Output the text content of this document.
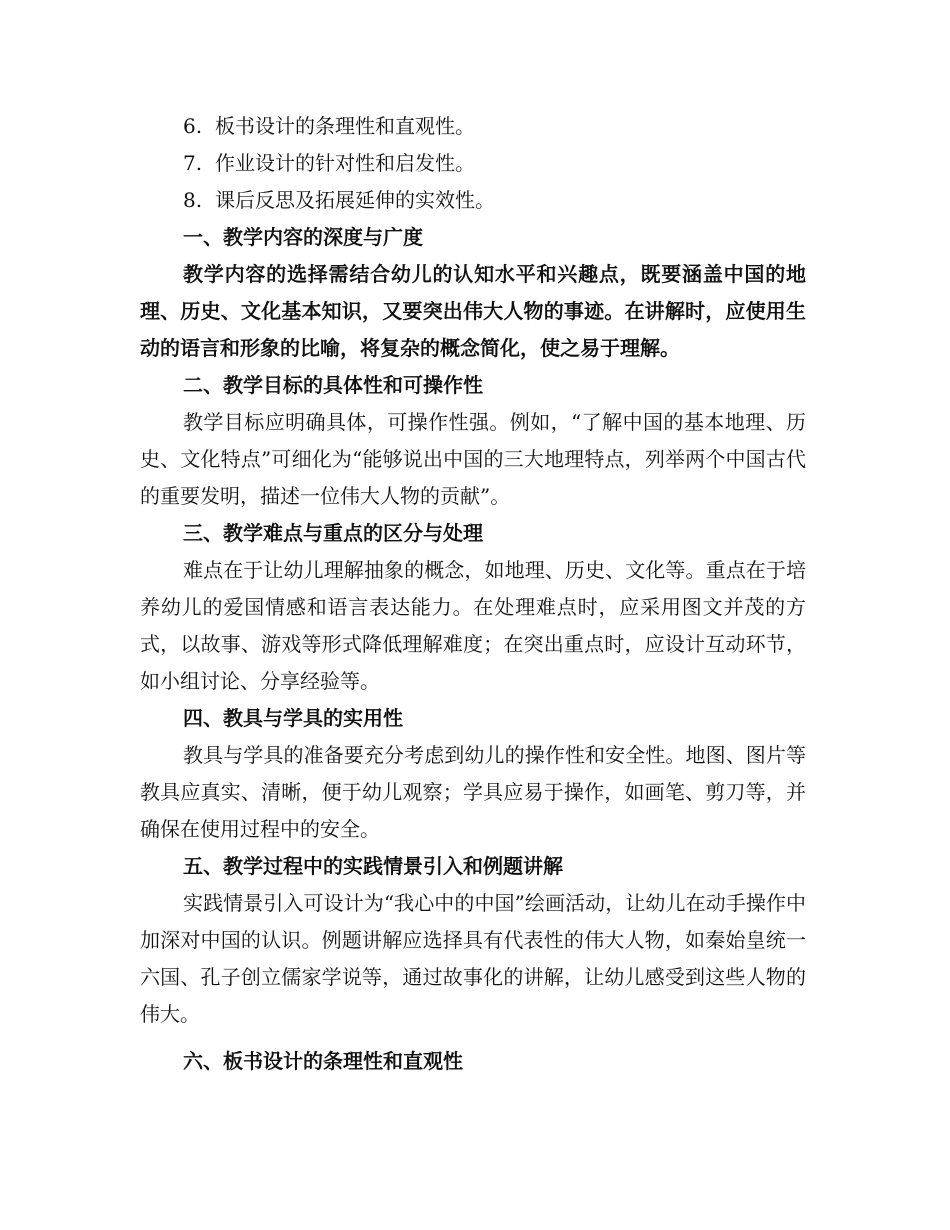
6. 板书设计的条理性和直观性。
7. 作业设计的针对性和启发性。
8. 课后反思及拓展延伸的实效性。
一、教学内容的深度与广度

教学内容的选择需结合幼儿的认知水平和兴趣点，既要涵盖中国的地理、历史、文化基本知识，又要突出伟大人物的事迹。在讲解时，应使用生动的语言和形象的比喻，将复杂的概念简化，使之易于理解。

二、教学目标的具体性和可操作性

教学目标应明确具体，可操作性强。例如，“了解中国的基本地理、历史、文化特点”可细化为“能够说出中国的三大地理特点，列举两个中国古代的重要发明，描述一位伟大人物的贡献”。

三、教学难点与重点的区分与处理

难点在于让幼儿理解抽象的概念，如地理、历史、文化等。重点在于培养幼儿的爱国情感和语言表达能力。在处理难点时，应采用图文并茂的方式，以故事、游戏等形式降低理解难度；在突出重点时，应设计互动环节，如小组讨论、分享经验等。

四、教具与学具的实用性

教具与学具的准备要充分考虑到幼儿的操作性和安全性。地图、图片等教具应真实、清晰，便于幼儿观察；学具应易于操作，如画笔、剪刀等，并确保在使用过程中的安全。

五、教学过程中的实践情景引入和例题讲解

实践情景引入可设计为“我心中的中国”绘画活动，让幼儿在动手操作中加深对中国的认识。例题讲解应选择具有代表性的伟大人物，如秦始皇统一六国、孔子创立儒家学说等，通过故事化的讲解，让幼儿感受到这些人物的伟大。

六、板书设计的条理性和直观性
